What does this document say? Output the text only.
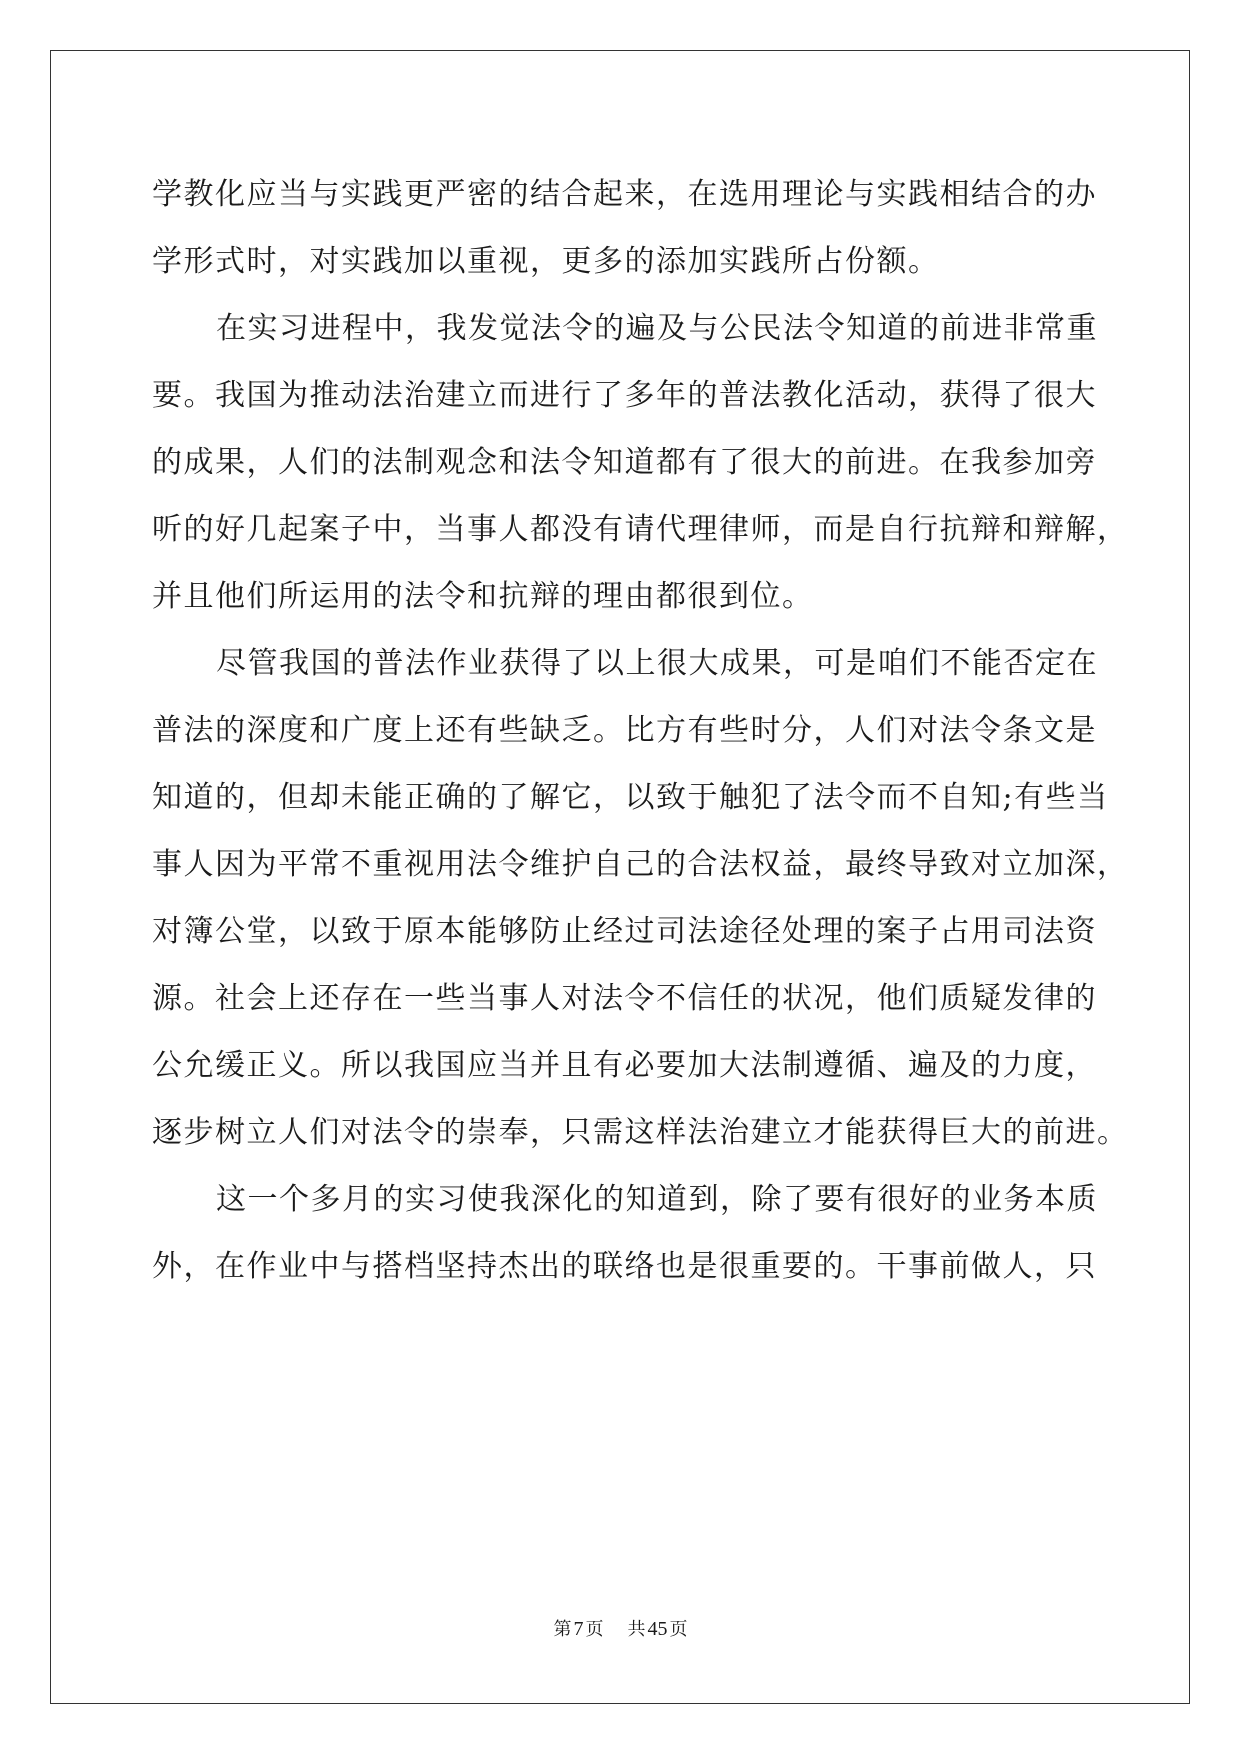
学教化应当与实践更严密的结合起来，在选用理论与实践相结合的办
学形式时，对实践加以重视，更多的添加实践所占份额。
在实习进程中，我发觉法令的遍及与公民法令知道的前进非常重
要。我国为推动法治建立而进行了多年的普法教化活动，获得了很大
的成果，人们的法制观念和法令知道都有了很大的前进。在我参加旁
听的好几起案子中，当事人都没有请代理律师，而是自行抗辩和辩解，
并且他们所运用的法令和抗辩的理由都很到位。
尽管我国的普法作业获得了以上很大成果，可是咱们不能否定在
普法的深度和广度上还有些缺乏。比方有些时分，人们对法令条文是
知道的，但却未能正确的了解它，以致于触犯了法令而不自知;有些当
事人因为平常不重视用法令维护自己的合法权益，最终导致对立加深，
对簿公堂，以致于原本能够防止经过司法途径处理的案子占用司法资
源。社会上还存在一些当事人对法令不信任的状况，他们质疑发律的
公允缓正义。所以我国应当并且有必要加大法制遵循、遍及的力度，
逐步树立人们对法令的崇奉，只需这样法治建立才能获得巨大的前进。
这一个多月的实习使我深化的知道到，除了要有很好的业务本质
外，在作业中与搭档坚持杰出的联络也是很重要的。干事前做人，只
第 7 页 共 45 页
